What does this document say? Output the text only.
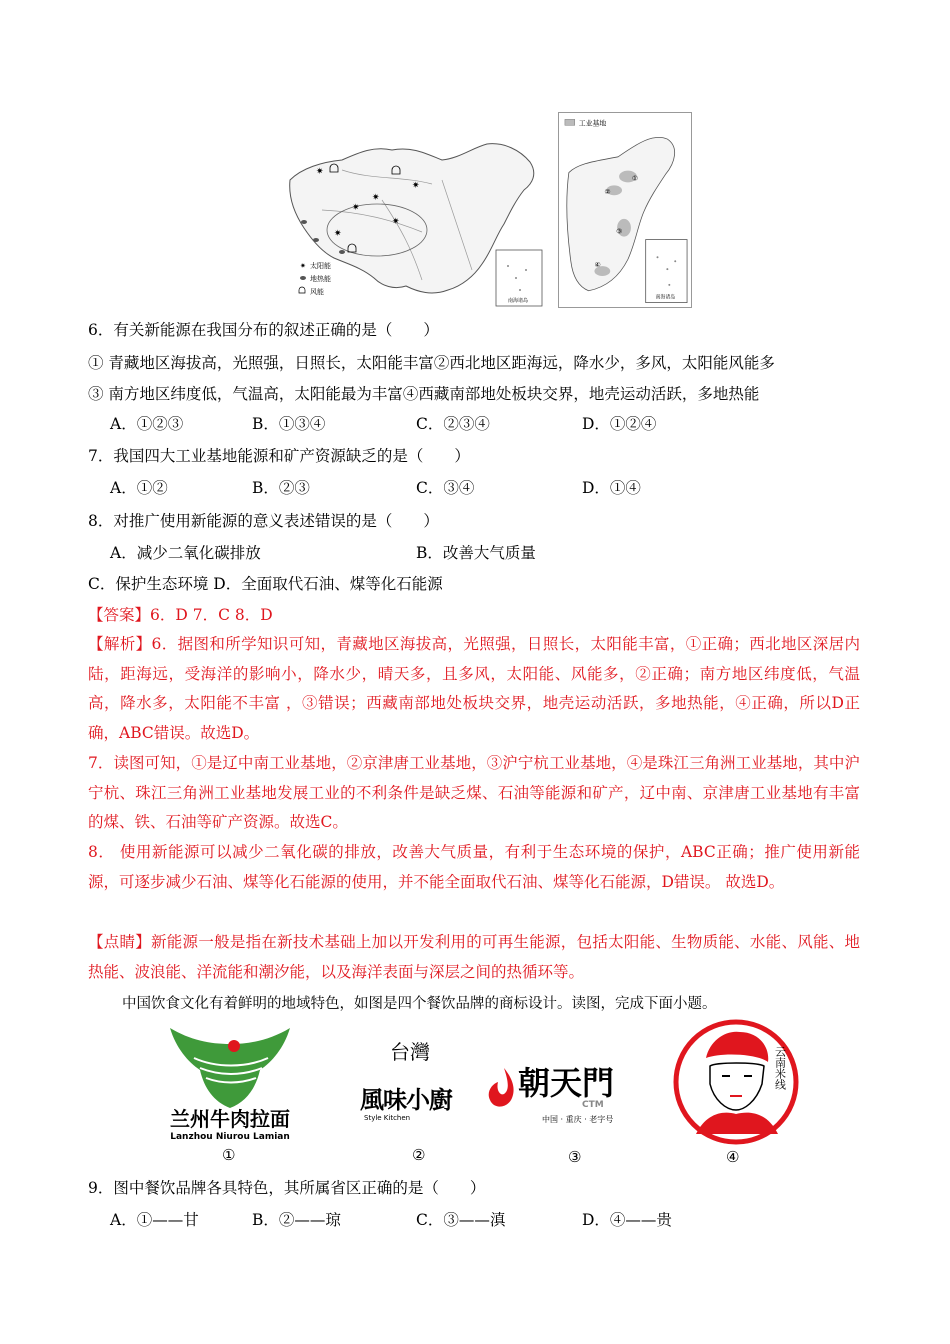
✷
✷
✷
✷
✷
✷
南海诸岛
✷ 太阳能
地热能
风能
工业基地
①
②
③
④
南海诸岛
6．有关新能源在我国分布的叙述正确的是（　　）
① 青藏地区海拔高，光照强，日照长，太阳能丰富②西北地区距海远，降水少，多风，太阳能风能多
③ 南方地区纬度低，气温高，太阳能最为丰富④西藏南部地处板块交界，地壳运动活跃，多地热能
A．①②③	B．①③④	C．②③④	D．①②④
7．我国四大工业基地能源和矿产资源缺乏的是（　　）
A．①②	B．②③	C．③④	D．①④
8．对推广使用新能源的意义表述错误的是（　　）
A．减少二氧化碳排放	B．改善大气质量
C．保护生态环境 D．全面取代石油、煤等化石能源
【答案】6．D 7．C 8．D
【解析】6．据图和所学知识可知，青藏地区海拔高，光照强，日照长，太阳能丰富，①正确；西北地区深居内陆，距海远，受海洋的影响小，降水少，晴天多，且多风，太阳能、风能多，②正确；南方地区纬度低，气温高，降水多，太阳能不丰富 ，③错误；西藏南部地处板块交界，地壳运动活跃，多地热能，④正确，所以D正确，ABC错误。故选D。
7．读图可知，①是辽中南工业基地，②京津唐工业基地，③沪宁杭工业基地，④是珠江三角洲工业基地，其中沪宁杭、珠江三角洲工业基地发展工业的不利条件是缺乏煤、石油等能源和矿产，辽中南、京津唐工业基地有丰富的煤、铁、石油等矿产资源。故选C。
8． 使用新能源可以减少二氧化碳的排放，改善大气质量，有利于生态环境的保护，ABC正确；推广使用新能源，可逐步减少石油、煤等化石能源的使用，并不能全面取代石油、煤等化石能源，D错误。 故选D。
【点睛】新能源一般是指在新技术基础上加以开发利用的可再生能源，包括太阳能、生物质能、水能、风能、地热能、波浪能、洋流能和潮汐能，以及海洋表面与深层之间的热循环等。
中国饮食文化有着鲜明的地域特色，如图是四个餐饮品牌的商标设计。读图，完成下面小题。
兰州牛肉拉面
Lanzhou Niurou Lamian
台灣
風味小廚
Style Kitchen
朝天門
CTM
中国 · 重庆 · 老字号
云南米线
①	②	③	④
9．图中餐饮品牌各具特色，其所属省区正确的是（　　）
A．①——甘	B．②——琼	C．③——滇	D．④——贵
